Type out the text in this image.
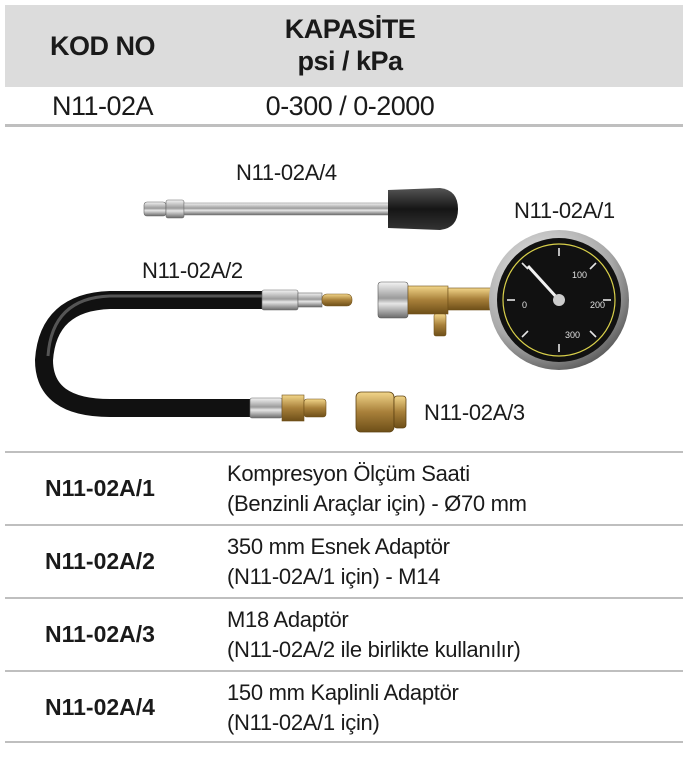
KOD NO
KAPASİTE
psi / kPa
N11-02A	0-300 / 0-2000
100
200
300
0
N11-02A/4
N11-02A/1
N11-02A/2
N11-02A/3
N11-02A/1
Kompresyon Ölçüm Saati
(Benzinli Araçlar için) - Ø70 mm
N11-02A/2
350 mm Esnek Adaptör
(N11-02A/1 için) - M14
N11-02A/3
M18 Adaptör
(N11-02A/2 ile birlikte kullanılır)
N11-02A/4
150 mm Kaplinli Adaptör
(N11-02A/1 için)
